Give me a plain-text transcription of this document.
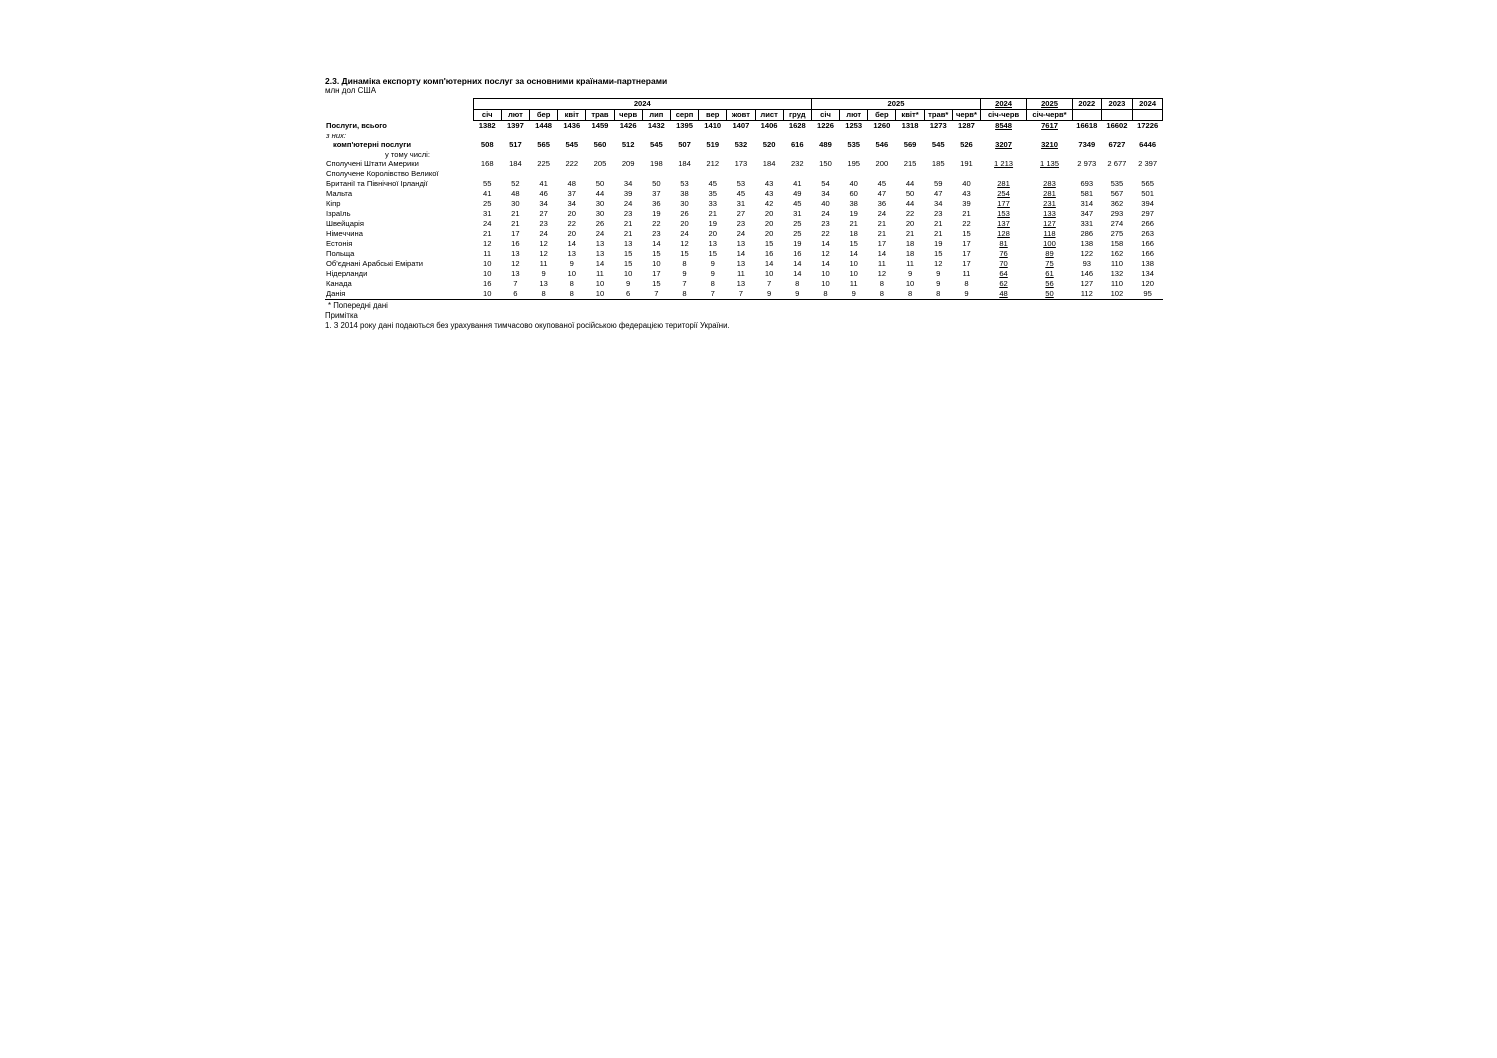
2.3. Динаміка експорту комп'ютерних послуг за основними країнами-партнерами

млн дол США

	2024												2025						2024	2025	2022	2023	2024
	січ	лют	бер	квіт	трав	черв	лип	серп	вер	жовт	лист	груд	січ	лют	бер	квіт*	трав*	черв*	січ-черв	січ-черв*			
Послуги, всього	1382	1397	1448	1436	1459	1426	1432	1395	1410	1407	1406	1628	1226	1253	1260	1318	1273	1287	8548	7617	16618	16602	17226
з них:																							
комп'ютерні послуги	508	517	565	545	560	512	545	507	519	532	520	616	489	535	546	569	545	526	3207	3210	7349	6727	6446
у тому числі:																							
Сполучені Штати Америки	168	184	225	222	205	209	198	184	212	173	184	232	150	195	200	215	185	191	1 213	1 135	2 973	2 677	2 397
Сполучене Королівство Великої																							
Британії та Північної Ірландії	55	52	41	48	50	34	50	53	45	53	43	41	54	40	45	44	59	40	281	283	693	535	565
Мальта	41	48	46	37	44	39	37	38	35	45	43	49	34	60	47	50	47	43	254	281	581	567	501
Кіпр	25	30	34	34	30	24	36	30	33	31	42	45	40	38	36	44	34	39	177	231	314	362	394
Ізраїль	31	21	27	20	30	23	19	26	21	27	20	31	24	19	24	22	23	21	153	133	347	293	297
Швейцарія	24	21	23	22	26	21	22	20	19	23	20	25	23	21	21	20	21	22	137	127	331	274	266
Німеччина	21	17	24	20	24	21	23	24	20	24	20	25	22	18	21	21	21	15	128	118	286	275	263
Естонія	12	16	12	14	13	13	14	12	13	13	15	19	14	15	17	18	19	17	81	100	138	158	166
Польща	11	13	12	13	13	15	15	15	15	14	16	16	12	14	14	18	15	17	76	89	122	162	166
Об'єднані Арабські Емірати	10	12	11	9	14	15	10	8	9	13	14	14	14	10	11	11	12	17	70	75	93	110	138
Нідерланди	10	13	9	10	11	10	17	9	9	11	10	14	10	10	12	9	9	11	64	61	146	132	134
Канада	16	7	13	8	10	9	15	7	8	13	7	8	10	11	8	10	9	8	62	56	127	110	120
Данія	10	6	8	8	10	6	7	8	7	7	9	9	8	9	8	8	8	9	48	50	112	102	95

* Попередні дані

Примітка

1. З 2014 року дані подаються без урахування тимчасово окупованої російською федерацією території України.
